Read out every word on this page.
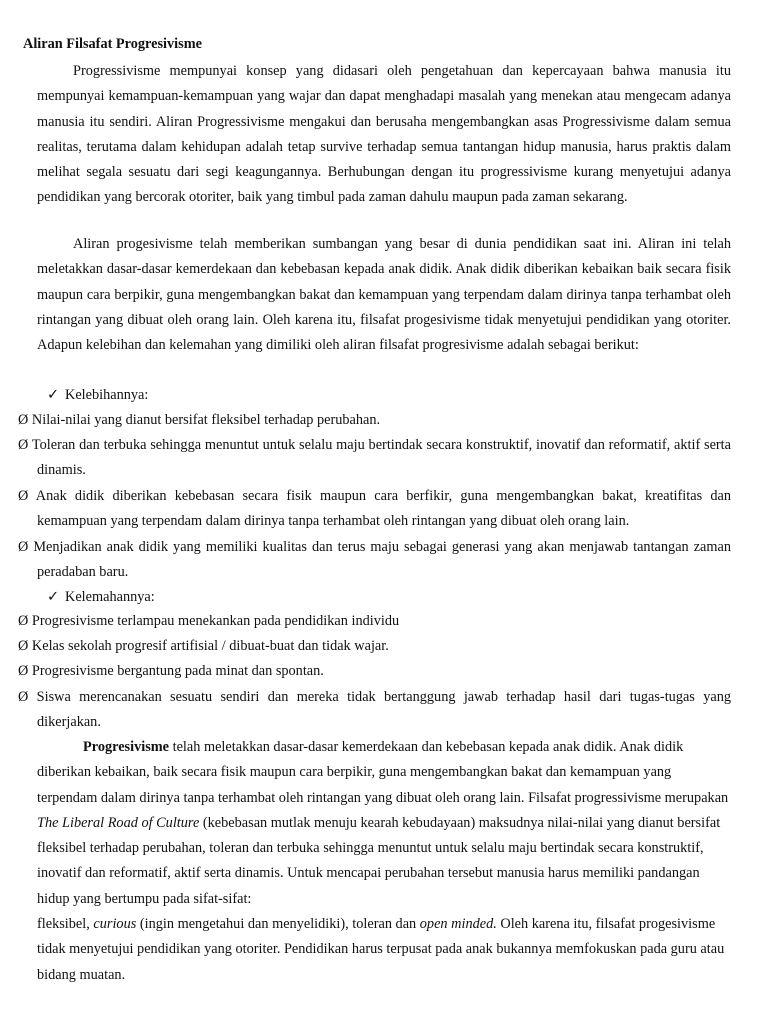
Aliran Filsafat Progresivisme

Progressivisme mempunyai konsep yang didasari oleh pengetahuan dan kepercayaan bahwa manusia itu mempunyai kemampuan-kemampuan yang wajar dan dapat menghadapi masalah yang menekan atau mengecam adanya manusia itu sendiri. Aliran Progressivisme mengakui dan berusaha mengembangkan asas Progressivisme dalam semua realitas, terutama dalam kehidupan adalah tetap survive terhadap semua tantangan hidup manusia, harus praktis dalam melihat segala sesuatu dari segi keagungannya. Berhubungan dengan itu progressivisme kurang menyetujui adanya pendidikan yang bercorak otoriter, baik yang timbul pada zaman dahulu maupun pada zaman sekarang.

Aliran progesivisme telah memberikan sumbangan yang besar di dunia pendidikan saat ini. Aliran ini telah meletakkan dasar-dasar kemerdekaan dan kebebasan kepada anak didik. Anak didik diberikan kebaikan baik secara fisik maupun cara berpikir, guna mengembangkan bakat dan kemampuan yang terpendam dalam dirinya tanpa terhambat oleh rintangan yang dibuat oleh orang lain. Oleh karena itu, filsafat progesivisme tidak menyetujui pendidikan yang otoriter. Adapun kelebihan dan kelemahan yang dimiliki oleh aliran filsafat progresivisme adalah sebagai berikut:

✓ Kelebihannya:

Ø Nilai-nilai yang dianut bersifat fleksibel terhadap perubahan.

Ø Toleran dan terbuka sehingga menuntut untuk selalu maju bertindak secara konstruktif, inovatif dan reformatif, aktif serta dinamis.

Ø Anak didik diberikan kebebasan secara fisik maupun cara berfikir, guna mengembangkan bakat, kreatifitas dan kemampuan yang terpendam dalam dirinya tanpa terhambat oleh rintangan yang dibuat oleh orang lain.

Ø Menjadikan anak didik yang memiliki kualitas dan terus maju sebagai generasi yang akan menjawab tantangan zaman peradaban baru.

✓ Kelemahannya:

Ø Progresivisme terlampau menekankan pada pendidikan individu

Ø Kelas sekolah progresif artifisial / dibuat-buat dan tidak wajar.

Ø Progresivisme bergantung pada minat dan spontan.

Ø Siswa merencanakan sesuatu sendiri dan mereka tidak bertanggung jawab terhadap hasil dari tugas-tugas yang dikerjakan.

Progresivisme telah meletakkan dasar-dasar kemerdekaan dan kebebasan kepada anak didik. Anak didik diberikan kebaikan, baik secara fisik maupun cara berpikir, guna mengembangkan bakat dan kemampuan yang terpendam dalam dirinya tanpa terhambat oleh rintangan yang dibuat oleh orang lain. Filsafat progressivisme merupakan The Liberal Road of Culture (kebebasan mutlak menuju kearah kebudayaan) maksudnya nilai-nilai yang dianut bersifat fleksibel terhadap perubahan, toleran dan terbuka sehingga menuntut untuk selalu maju bertindak secara konstruktif, inovatif dan reformatif, aktif serta dinamis. Untuk mencapai perubahan tersebut manusia harus memiliki pandangan hidup yang bertumpu pada sifat-sifat:
fleksibel, curious (ingin mengetahui dan menyelidiki), toleran dan open minded. Oleh karena itu, filsafat progesivisme tidak menyetujui pendidikan yang otoriter. Pendidikan harus terpusat pada anak bukannya memfokuskan pada guru atau bidang muatan.
